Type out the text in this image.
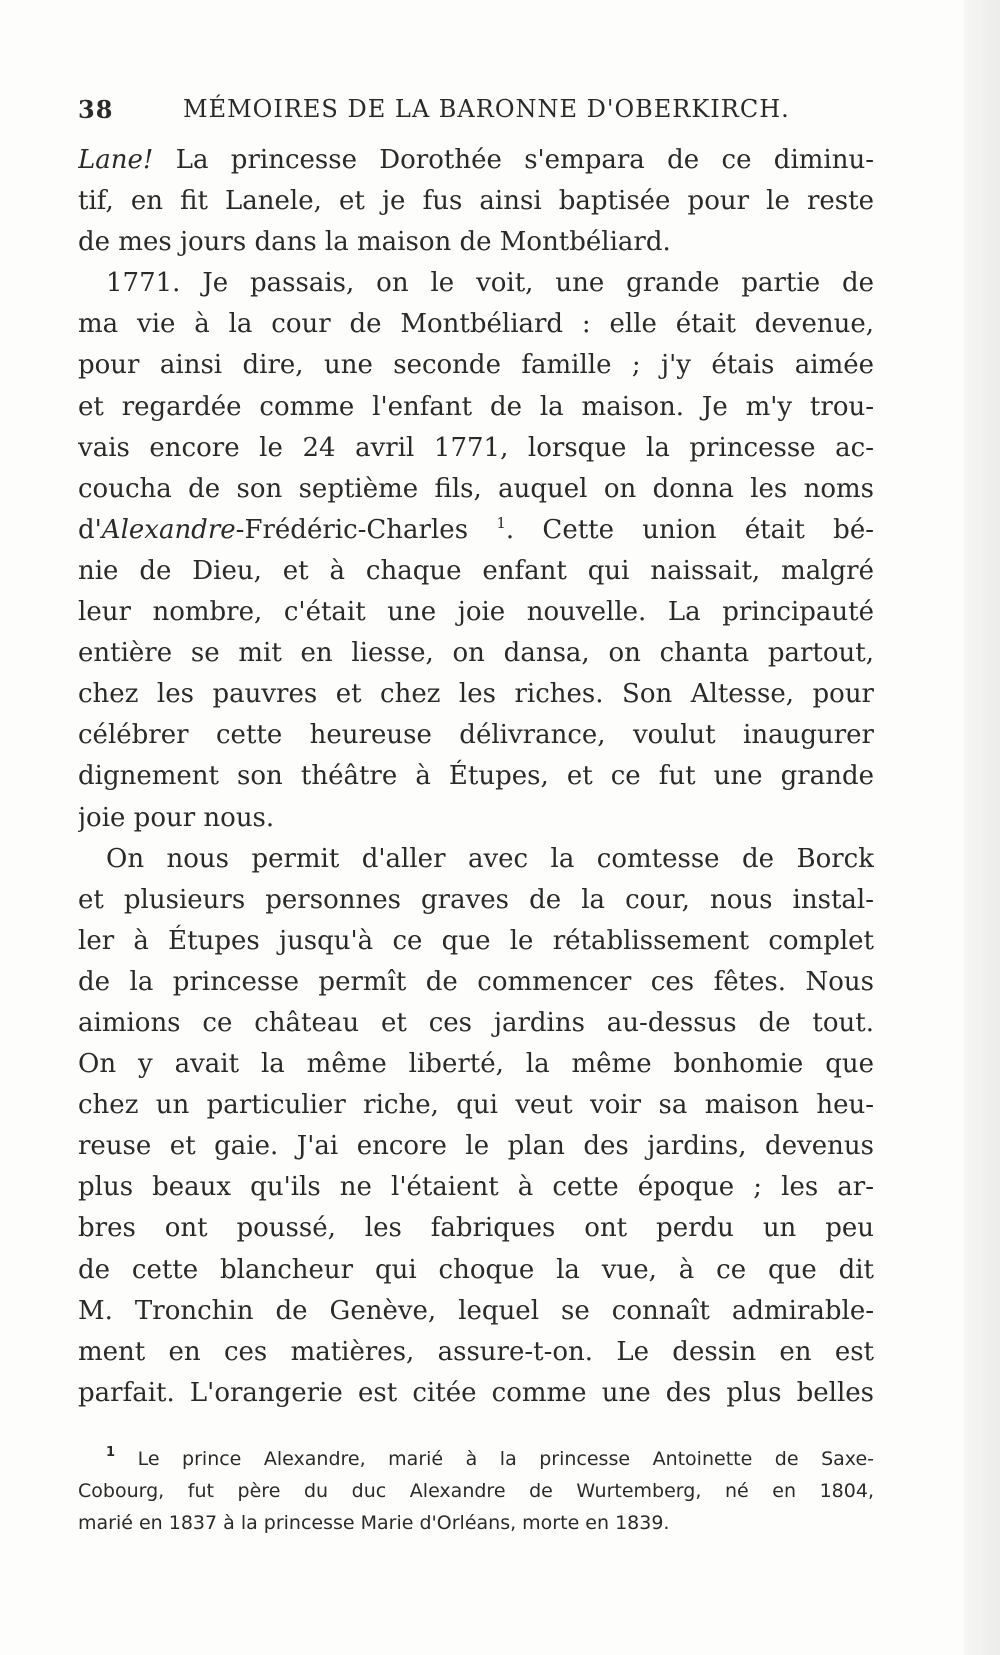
38	MÉMOIRES DE LA BARONNE D'OBERKIRCH.
Lane! La princesse Dorothée s'empara de ce diminu-
tif, en fit Lanele, et je fus ainsi baptisée pour le reste
de mes jours dans la maison de Montbéliard.
1771. Je passais, on le voit, une grande partie de
ma vie à la cour de Montbéliard : elle était devenue,
pour ainsi dire, une seconde famille ; j'y étais aimée
et regardée comme l'enfant de la maison. Je m'y trou-
vais encore le 24 avril 1771, lorsque la princesse ac-
coucha de son septième fils, auquel on donna les noms
d'Alexandre-Frédéric-Charles $^1$. Cette union était bé-
nie de Dieu, et à chaque enfant qui naissait, malgré
leur nombre, c'était une joie nouvelle. La principauté
entière se mit en liesse, on dansa, on chanta partout,
chez les pauvres et chez les riches. Son Altesse, pour
célébrer cette heureuse délivrance, voulut inaugurer
dignement son théâtre à Étupes, et ce fut une grande
joie pour nous.
On nous permit d'aller avec la comtesse de Borck
et plusieurs personnes graves de la cour, nous instal-
ler à Étupes jusqu'à ce que le rétablissement complet
de la princesse permît de commencer ces fêtes. Nous
aimions ce château et ces jardins au-dessus de tout.
On y avait la même liberté, la même bonhomie que
chez un particulier riche, qui veut voir sa maison heu-
reuse et gaie. J'ai encore le plan des jardins, devenus
plus beaux qu'ils ne l'étaient à cette époque ; les ar-
bres ont poussé, les fabriques ont perdu un peu
de cette blancheur qui choque la vue, à ce que dit
M. Tronchin de Genève, lequel se connaît admirable-
ment en ces matières, assure-t-on. Le dessin en est
parfait. L'orangerie est citée comme une des plus belles
$^1$ Le prince Alexandre, marié à la princesse Antoinette de Saxe-
Cobourg, fut père du duc Alexandre de Wurtemberg, né en 1804,
marié en 1837 à la princesse Marie d'Orléans, morte en 1839.
